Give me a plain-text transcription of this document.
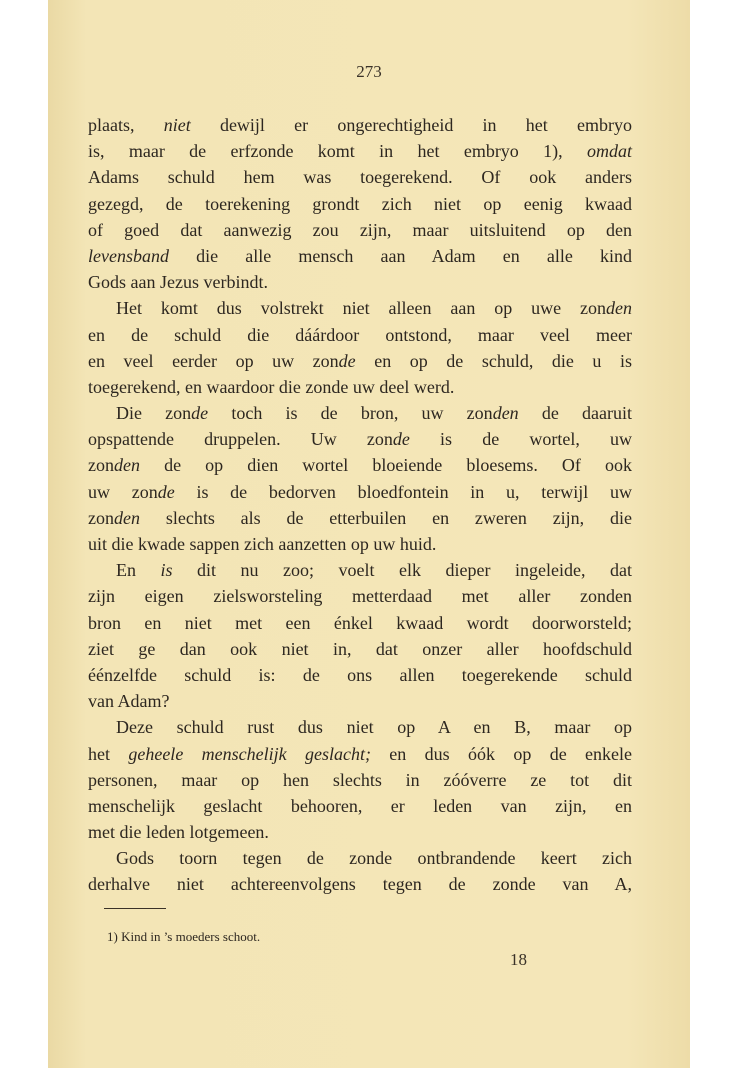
273
plaats, niet dewijl er ongerechtigheid in het embryo
is, maar de erfzonde komt in het embryo 1), omdat
Adams schuld hem was toegerekend. Of ook anders
gezegd, de toerekening grondt zich niet op eenig kwaad
of goed dat aanwezig zou zijn, maar uitsluitend op den
levensband die alle mensch aan Adam en alle kind
Gods aan Jezus verbindt.
Het komt dus volstrekt niet alleen aan op uwe zonden
en de schuld die dáárdoor ontstond, maar veel meer
en veel eerder op uw zonde en op de schuld, die u is
toegerekend, en waardoor die zonde uw deel werd.
Die zonde toch is de bron, uw zonden de daaruit
opspattende druppelen. Uw zonde is de wortel, uw
zonden de op dien wortel bloeiende bloesems. Of ook
uw zonde is de bedorven bloedfontein in u, terwijl uw
zonden slechts als de etterbuilen en zweren zijn, die
uit die kwade sappen zich aanzetten op uw huid.
En is dit nu zoo; voelt elk dieper ingeleide, dat
zijn eigen zielsworsteling metterdaad met aller zonden
bron en niet met een énkel kwaad wordt doorworsteld;
ziet ge dan ook niet in, dat onzer aller hoofdschuld
éénzelfde schuld is: de ons allen toegerekende schuld
van Adam?
Deze schuld rust dus niet op A en B, maar op
het geheele menschelijk geslacht; en dus óók op de enkele
personen, maar op hen slechts in zóóverre ze tot dit
menschelijk geslacht behooren, er leden van zijn, en
met die leden lotgemeen.
Gods toorn tegen de zonde ontbrandende keert zich
derhalve niet achtereenvolgens tegen de zonde van A,
1) Kind in ’s moeders schoot.
18
